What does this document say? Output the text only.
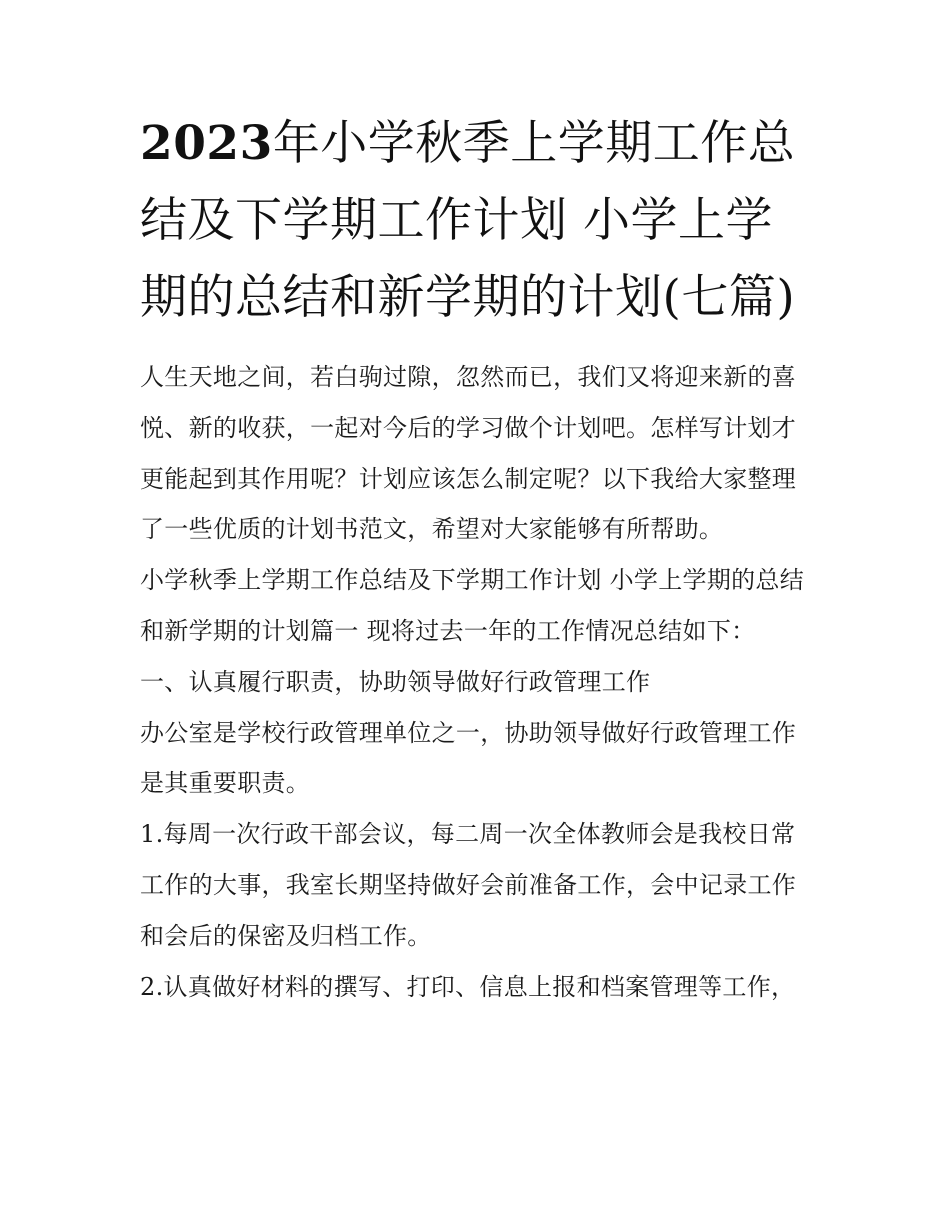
2023年小学秋季上学期工作总结及下学期工作计划 小学上学期的总结和新学期的计划(七篇)

人生天地之间，若白驹过隙，忽然而已，我们又将迎来新的喜悦、新的收获，一起对今后的学习做个计划吧。怎样写计划才更能起到其作用呢？计划应该怎么制定呢？以下我给大家整理了一些优质的计划书范文，希望对大家能够有所帮助。

小学秋季上学期工作总结及下学期工作计划 小学上学期的总结和新学期的计划篇一 现将过去一年的工作情况总结如下：

一、认真履行职责，协助领导做好行政管理工作

办公室是学校行政管理单位之一，协助领导做好行政管理工作是其重要职责。

1.每周一次行政干部会议，每二周一次全体教师会是我校日常工作的大事，我室长期坚持做好会前准备工作，会中记录工作和会后的保密及归档工作。

2.认真做好材料的撰写、打印、信息上报和档案管理等工作，
